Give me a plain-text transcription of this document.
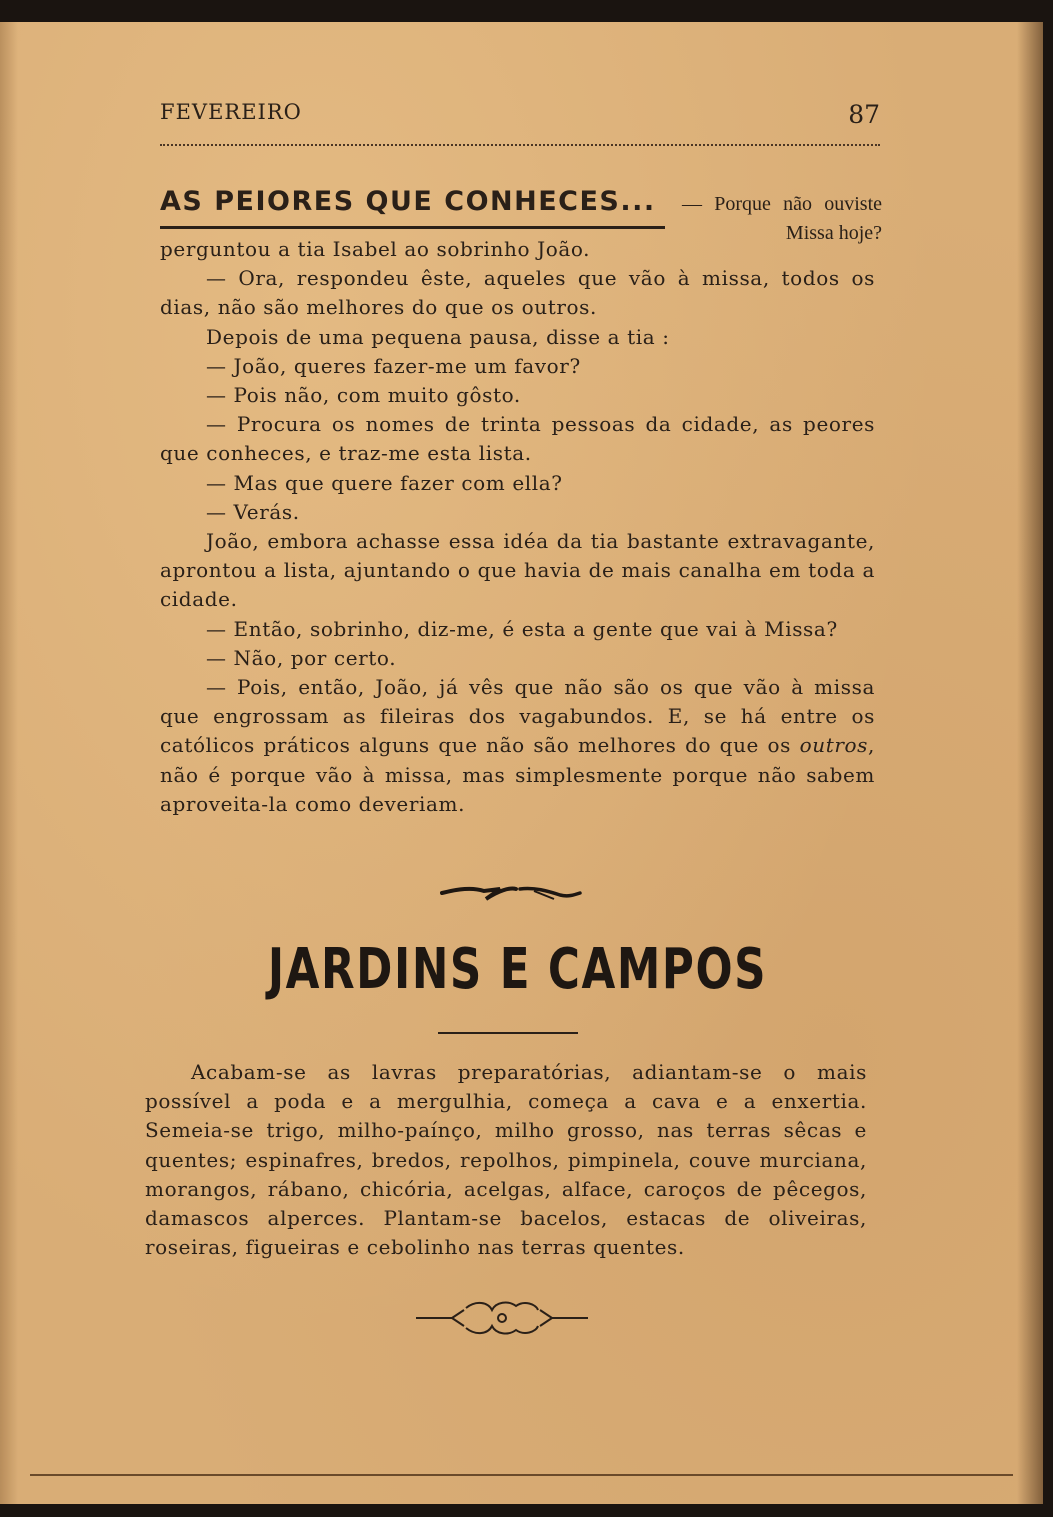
FEVEREIRO	87
AS PEIORES QUE CONHECES... — Porque não ouviste Missa hoje?

perguntou a tia Isabel ao sobrinho João.

— Ora, respondeu êste, aqueles que vão à missa, todos os dias, não são melhores do que os outros.

Depois de uma pequena pausa, disse a tia :

— João, queres fazer-me um favor?

— Pois não, com muito gôsto.

— Procura os nomes de trinta pessoas da cidade, as peores que conheces, e traz-me esta lista.

— Mas que quere fazer com ella?

— Verás.

João, embora achasse essa idéa da tia bastante extravagante, aprontou a lista, ajuntando o que havia de mais canalha em toda a cidade.

— Então, sobrinho, diz-me, é esta a gente que vai à Missa?

— Não, por certo.

— Pois, então, João, já vês que não são os que vão à missa que engrossam as fileiras dos vagabundos. E, se há entre os católicos práticos alguns que não são melhores do que os outros, não é porque vão à missa, mas simplesmente porque não sabem aproveita-la como deveriam.

JARDINS E CAMPOS

Acabam-se as lavras preparatórias, adiantam-se o mais possível a poda e a mergulhia, começa a cava e a enxertia. Semeia-se trigo, milho-paínço, milho grosso, nas terras sêcas e quentes; espinafres, bredos, repolhos, pimpinela, couve murciana, morangos, rábano, chicória, acelgas, alface, caroços de pêcegos, damascos alperces. Plantam-se bacelos, estacas de oliveiras, roseiras, figueiras e cebolinho nas terras quentes.
